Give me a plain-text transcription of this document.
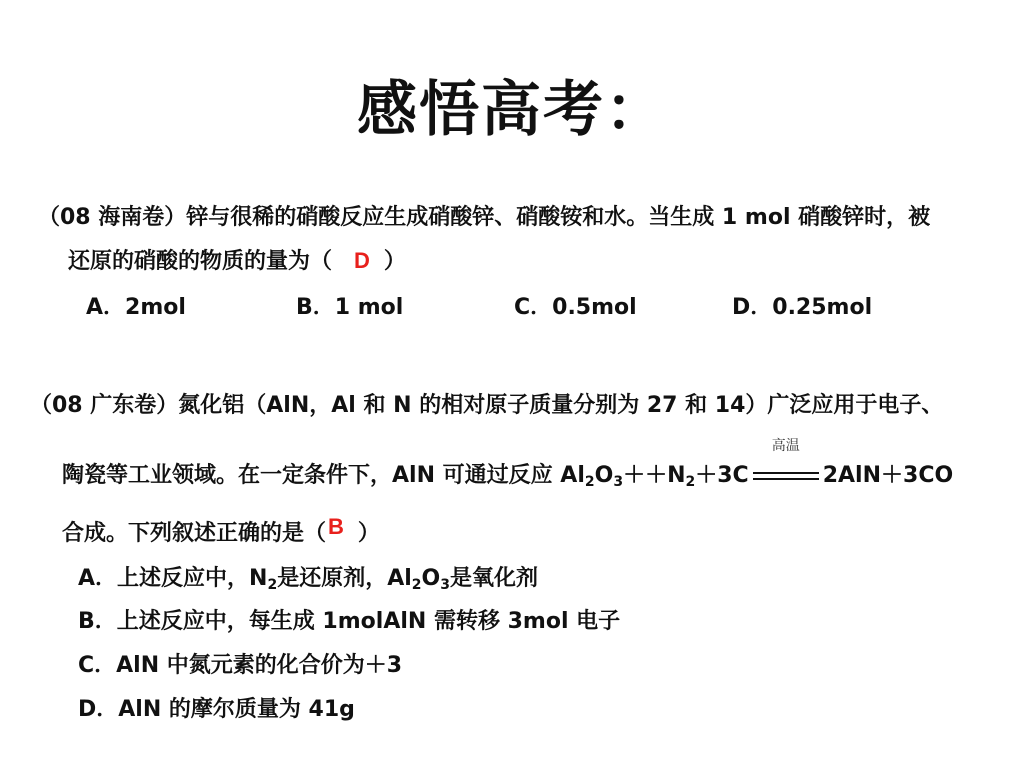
感悟高考：
（08 海南卷）锌与很稀的硝酸反应生成硝酸锌、硝酸铵和水。当生成 1 mol 硝酸锌时，被
还原的硝酸的物质的量为（ D ）
A．2mol	B．1 mol	C．0.5mol	D．0.25mol
（08 广东卷）氮化铝（AlN，Al 和 N 的相对原子质量分别为 27 和 14）广泛应用于电子、
陶瓷等工业领域。在一定条件下，AlN 可通过反应 $Al_2O_3++N_2+3C$
高温
2AlN＋3CO
合成。下列叙述正确的是（B ）
A．上述反应中，$N_2$是还原剂，$Al_2O_3$是氧化剂
B．上述反应中，每生成 1molAlN 需转移 3mol 电子
C．AlN 中氮元素的化合价为＋3
D．AlN 的摩尔质量为 41g
